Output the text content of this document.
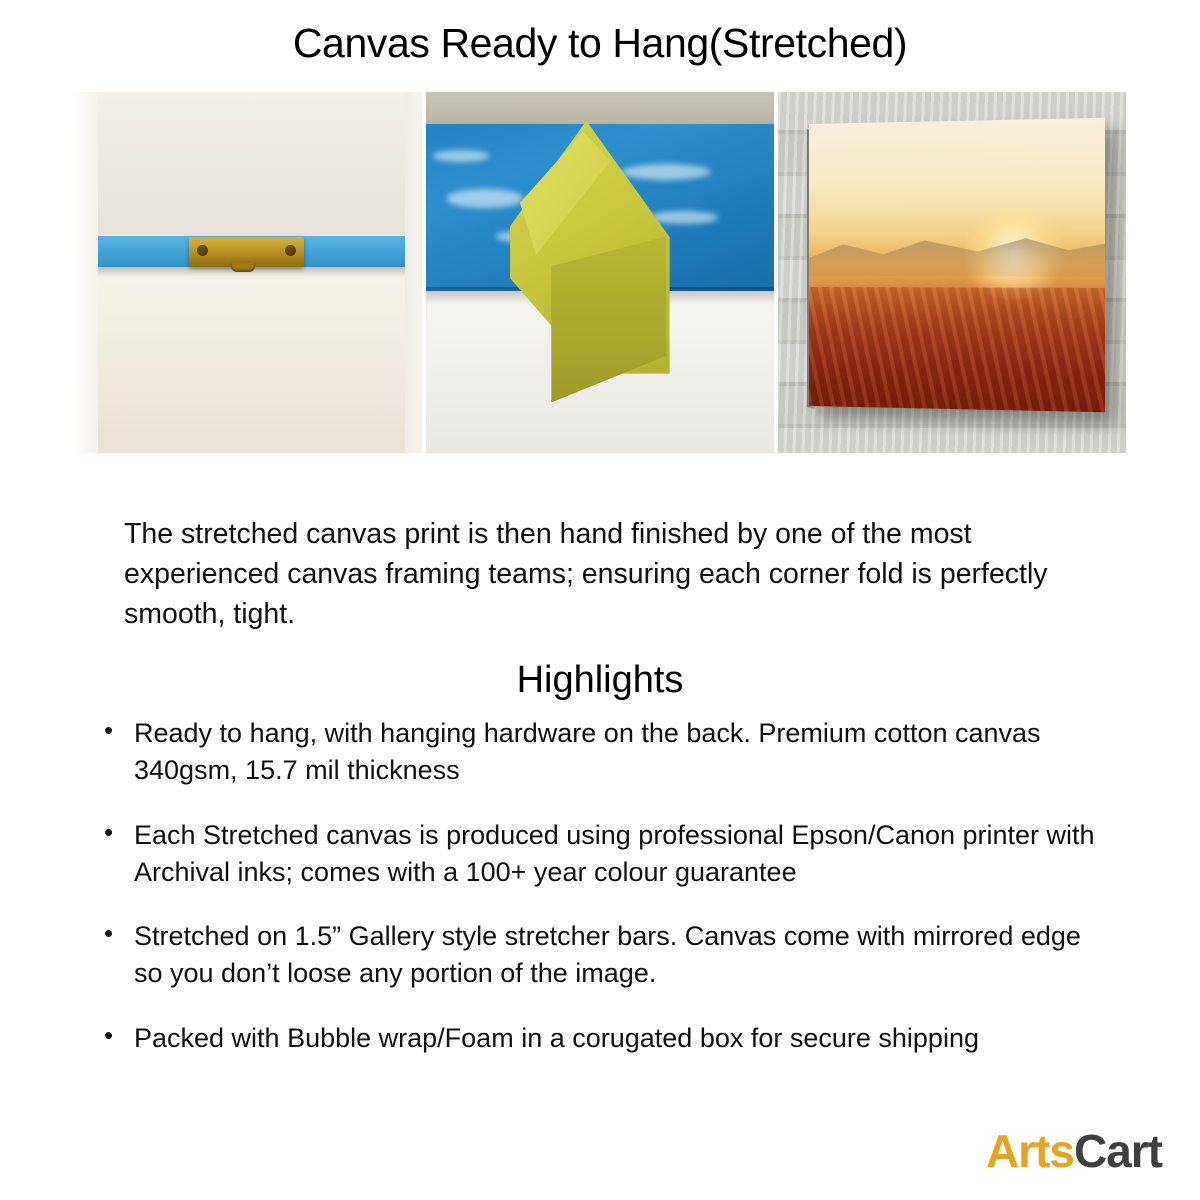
Canvas Ready to Hang(Stretched)

The stretched canvas print is then hand finished by one of the most experienced canvas framing teams; ensuring each corner fold is perfectly smooth, tight.

Highlights
• Ready to hang, with hanging hardware on the back. Premium cotton canvas 340gsm, 15.7 mil thickness
• Each Stretched canvas is produced using professional Epson/Canon printer with Archival inks; comes with a 100+ year colour guarantee
• Stretched on 1.5” Gallery style stretcher bars. Canvas come with mirrored edge so you don’t loose any portion of the image.
• Packed with Bubble wrap/Foam in a corugated box for secure shipping
ArtsCart
